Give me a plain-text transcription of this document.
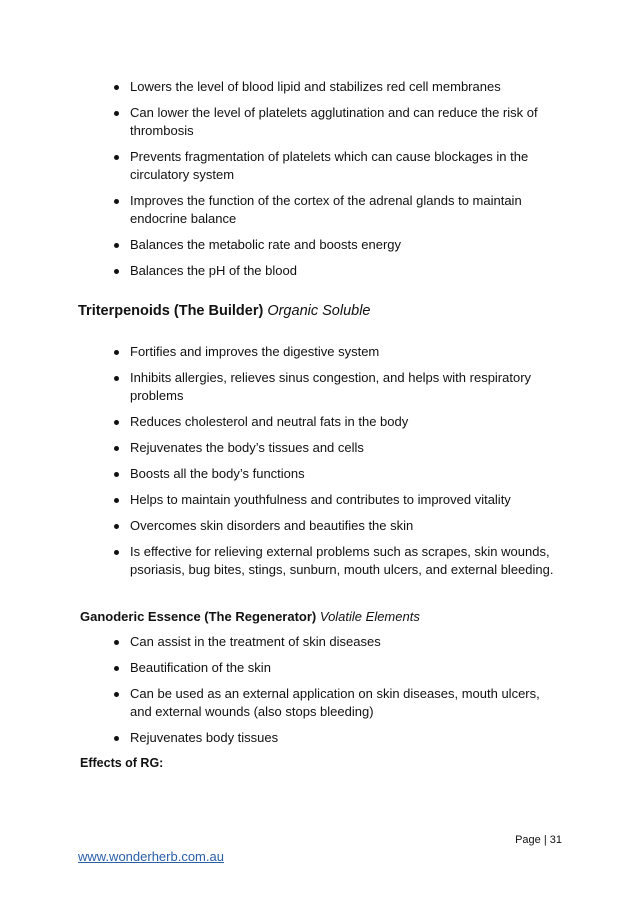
Lowers the level of blood lipid and stabilizes red cell membranes
Can lower the level of platelets agglutination and can reduce the risk of thrombosis
Prevents fragmentation of platelets which can cause blockages in the circulatory system
Improves the function of the cortex of the adrenal glands to maintain endocrine balance
Balances the metabolic rate and boosts energy
Balances the pH of the blood
Triterpenoids (The Builder) Organic Soluble
Fortifies and improves the digestive system
Inhibits allergies, relieves sinus congestion, and helps with respiratory problems
Reduces cholesterol and neutral fats in the body
Rejuvenates the body’s tissues and cells
Boosts all the body’s functions
Helps to maintain youthfulness and contributes to improved vitality
Overcomes skin disorders and beautifies the skin
Is effective for relieving external problems such as scrapes, skin wounds, psoriasis, bug bites, stings, sunburn, mouth ulcers, and external bleeding.
Ganoderic Essence (The Regenerator) Volatile Elements
Can assist in the treatment of skin diseases
Beautification of the skin
Can be used as an external application on skin diseases, mouth ulcers, and external wounds (also stops bleeding)
Rejuvenates body tissues
Effects of RG:
Page | 31
www.wonderherb.com.au
